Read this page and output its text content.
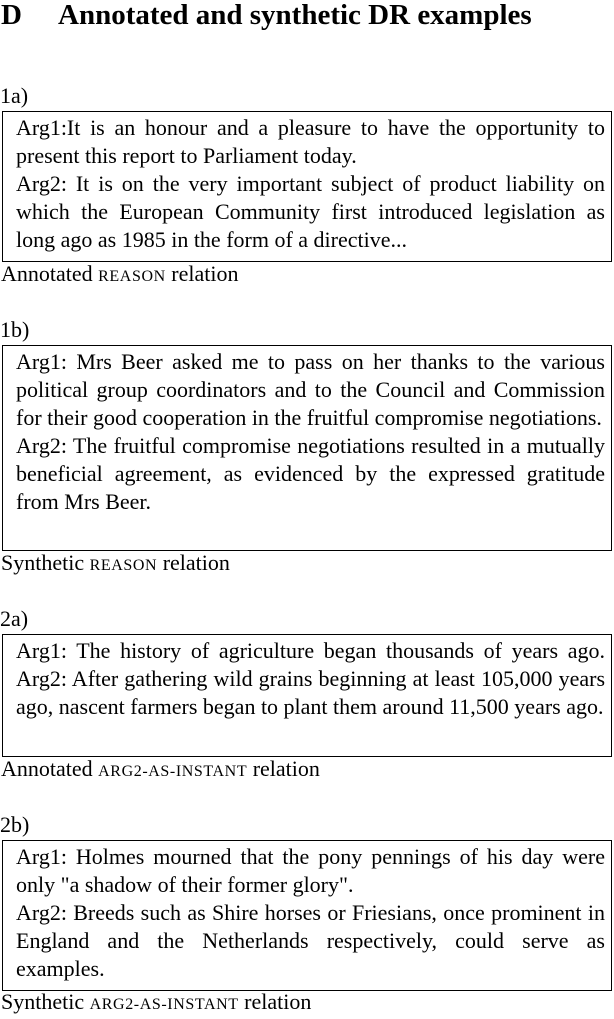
D Annotated and synthetic DR examples
1a)

Arg1:It is an honour and a pleasure to have the opportunity to present this report to Parliament today.

Arg2: It is on the very important subject of product liability on which the European Community first introduced legislation as long ago as 1985 in the form of a directive...

Annotated REASON relation
1b)

Arg1: Mrs Beer asked me to pass on her thanks to the various political group coordinators and to the Council and Commission for their good cooperation in the fruitful compromise negotiations.

Arg2: The fruitful compromise negotiations resulted in a mutually beneficial agreement, as evidenced by the expressed gratitude from Mrs Beer.

Synthetic REASON relation
2a)

Arg1: The history of agriculture began thousands of years ago. Arg2: After gathering wild grains beginning at least 105,000 years ago, nascent farmers began to plant them around 11,500 years ago.

Annotated ARG2-AS-INSTANT relation
2b)

Arg1: Holmes mourned that the pony pennings of his day were only "a shadow of their former glory".

Arg2: Breeds such as Shire horses or Friesians, once prominent in England and the Netherlands respectively, could serve as examples.

Synthetic ARG2-AS-INSTANT relation
